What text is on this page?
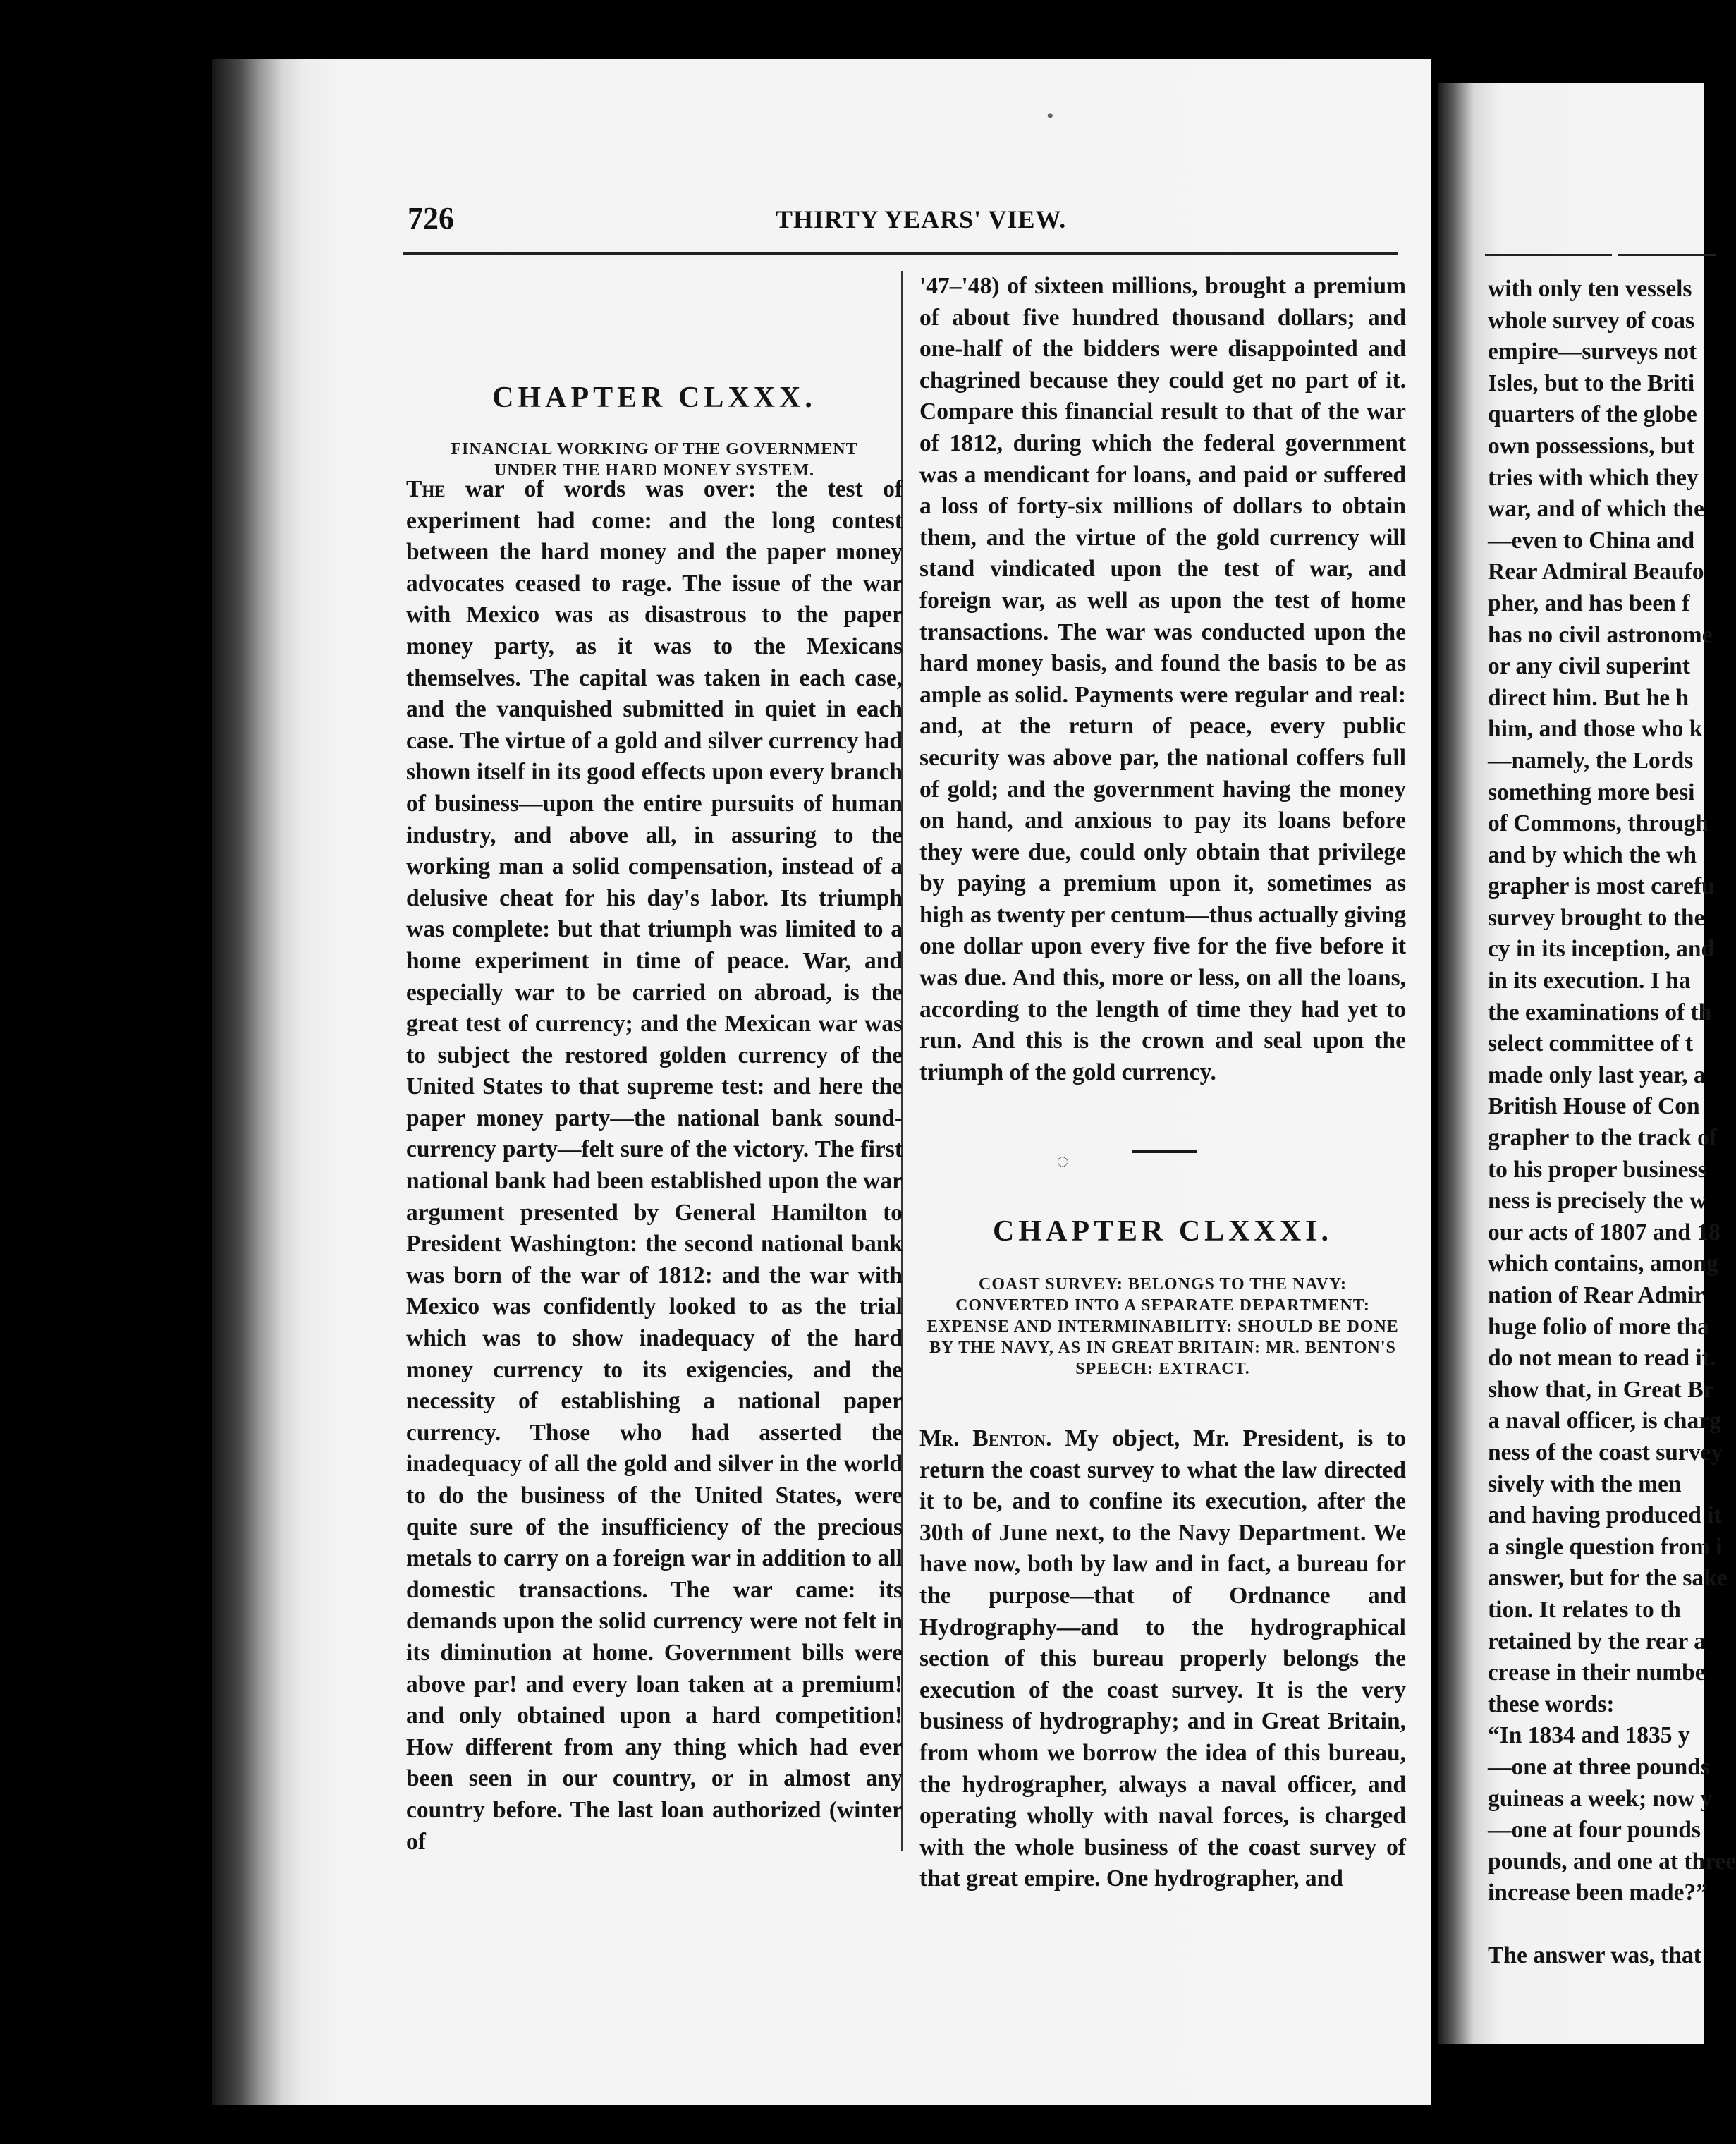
726	THIRTY YEARS' VIEW.
CHAPTER CLXXX.
FINANCIAL WORKING OF THE GOVERNMENT
UNDER THE HARD MONEY SYSTEM.

The war of words was over: the test of experiment had come: and the long contest between the hard money and the paper money advocates ceased to rage. The issue of the war with Mexico was as disastrous to the paper money party, as it was to the Mexicans themselves. The capital was taken in each case, and the vanquished submitted in quiet in each case. The virtue of a gold and silver currency had shown itself in its good effects upon every branch of business—upon the entire pursuits of human industry, and above all, in assuring to the working man a solid compensation, instead of a delusive cheat for his day's labor. Its triumph was complete: but that triumph was limited to a home experiment in time of peace. War, and especially war to be carried on abroad, is the great test of currency; and the Mexican war was to subject the restored golden currency of the United States to that supreme test: and here the paper money party—the national bank sound-currency party—felt sure of the victory. The first national bank had been established upon the war argument presented by General Hamilton to President Washington: the second national bank was born of the war of 1812: and the war with Mexico was confidently looked to as the trial which was to show inadequacy of the hard money currency to its exigencies, and the necessity of establishing a national paper currency. Those who had asserted the inadequacy of all the gold and silver in the world to do the business of the United States, were quite sure of the insufficiency of the precious metals to carry on a foreign war in addition to all domestic transactions. The war came: its demands upon the solid currency were not felt in its diminution at home. Government bills were above par! and every loan taken at a premium! and only obtained upon a hard competition! How different from any thing which had ever been seen in our country, or in almost any country before. The last loan authorized (winter of

'47–'48) of sixteen millions, brought a premium of about five hundred thousand dollars; and one-half of the bidders were disappointed and chagrined because they could get no part of it. Compare this financial result to that of the war of 1812, during which the federal government was a mendicant for loans, and paid or suffered a loss of forty-six millions of dollars to obtain them, and the virtue of the gold currency will stand vindicated upon the test of war, and foreign war, as well as upon the test of home transactions. The war was conducted upon the hard money basis, and found the basis to be as ample as solid. Payments were regular and real: and, at the return of peace, every public security was above par, the national coffers full of gold; and the government having the money on hand, and anxious to pay its loans before they were due, could only obtain that privilege by paying a premium upon it, sometimes as high as twenty per centum—thus actually giving one dollar upon every five for the five before it was due. And this, more or less, on all the loans, according to the length of time they had yet to run. And this is the crown and seal upon the triumph of the gold currency.

CHAPTER CLXXXI.
COAST SURVEY: BELONGS TO THE NAVY: CONVERTED INTO A SEPARATE DEPARTMENT: EXPENSE AND INTERMINABILITY: SHOULD BE DONE BY THE NAVY, AS IN GREAT BRITAIN: MR. BENTON'S SPEECH: EXTRACT.

Mr. Benton. My object, Mr. President, is to return the coast survey to what the law directed it to be, and to confine its execution, after the 30th of June next, to the Navy Department. We have now, both by law and in fact, a bureau for the purpose—that of Ordnance and Hydrography—and to the hydrographical section of this bureau properly belongs the execution of the coast survey. It is the very business of hydrography; and in Great Britain, from whom we borrow the idea of this bureau, the hydrographer, always a naval officer, and operating wholly with naval forces, is charged with the whole business of the coast survey of that great empire. One hydrographer, and

with only ten vessels
whole survey of coas
empire—surveys not
Isles, but to the Briti
quarters of the globe
own possessions, but
tries with which they
war, and of which the
—even to China and
Rear Admiral Beaufo
pher, and has been f
has no civil astronome
or any civil superint
direct him. But he h
him, and those who k
—namely, the Lords
something more besi
of Commons, through
and by which the wh
grapher is most carefu
survey brought to the
cy in its inception, and
in its execution. I ha
the examinations of th
select committee of t
made only last year, a
British House of Con
grapher to the track of
to his proper business
ness is precisely the w
our acts of 1807 and 18
which contains, among
nation of Rear Admir
huge folio of more tha
do not mean to read it.
show that, in Great Br
a naval officer, is charg
ness of the coast survey
sively with the men
and having produced it
a single question from i
answer, but for the sake
tion. It relates to th
retained by the rear a
crease in their numbe
these words:
“In 1834 and 1835 y
—one at three pounds
guineas a week; now y
—one at four pounds
pounds, and one at three
increase been made?”

The answer was, that
•
◌
